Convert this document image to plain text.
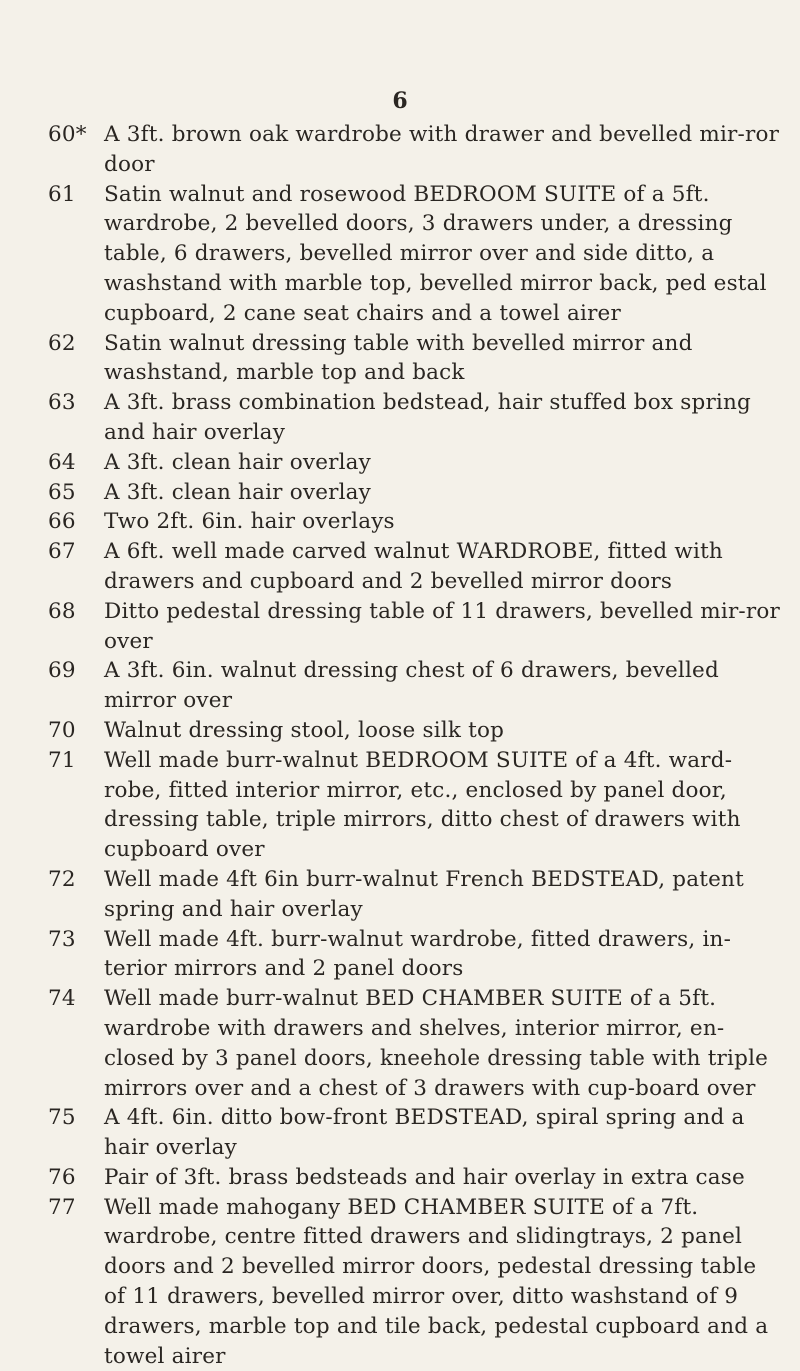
6
60* A 3ft. brown oak wardrobe with drawer and bevelled mir-ror door
61	Satin walnut and rosewood BEDROOM SUITE of a 5ft. wardrobe, 2 bevelled doors, 3 drawers under, a dressing table, 6 drawers, bevelled mirror over and side ditto, a washstand with marble top, bevelled mirror back, ped estal cupboard, 2 cane seat chairs and a towel airer
62	Satin walnut dressing table with bevelled mirror and washstand, marble top and back
63	A 3ft. brass combination bedstead, hair stuffed box spring and hair overlay
64	A 3ft. clean hair overlay
65	A 3ft. clean hair overlay
66	Two 2ft. 6in. hair overlays
67	A 6ft. well made carved walnut WARDROBE, fitted with drawers and cupboard and 2 bevelled mirror doors
68	Ditto pedestal dressing table of 11 drawers, bevelled mir-ror over
69	A 3ft. 6in. walnut dressing chest of 6 drawers, bevelled mirror over
70	Walnut dressing stool, loose silk top
71	Well made burr-walnut BEDROOM SUITE of a 4ft. ward-robe, fitted interior mirror, etc., enclosed by panel door, dressing table, triple mirrors, ditto chest of drawers with cupboard over
72	Well made 4ft 6in burr-walnut French BEDSTEAD, patent spring and hair overlay
73	Well made 4ft. burr-walnut wardrobe, fitted drawers, in-terior mirrors and 2 panel doors
74	Well made burr-walnut BED CHAMBER SUITE of a 5ft. wardrobe with drawers and shelves, interior mirror, en-closed by 3 panel doors, kneehole dressing table with triple mirrors over and a chest of 3 drawers with cup-board over
75	A 4ft. 6in. ditto bow-front BEDSTEAD, spiral spring and a hair overlay
76	Pair of 3ft. brass bedsteads and hair overlay in extra case
77	Well made mahogany BED CHAMBER SUITE of a 7ft. wardrobe, centre fitted drawers and slidingtrays, 2 panel doors and 2 bevelled mirror doors, pedestal dressing table of 11 drawers, bevelled mirror over, ditto washstand of 9 drawers, marble top and tile back, pedestal cupboard and a towel airer
